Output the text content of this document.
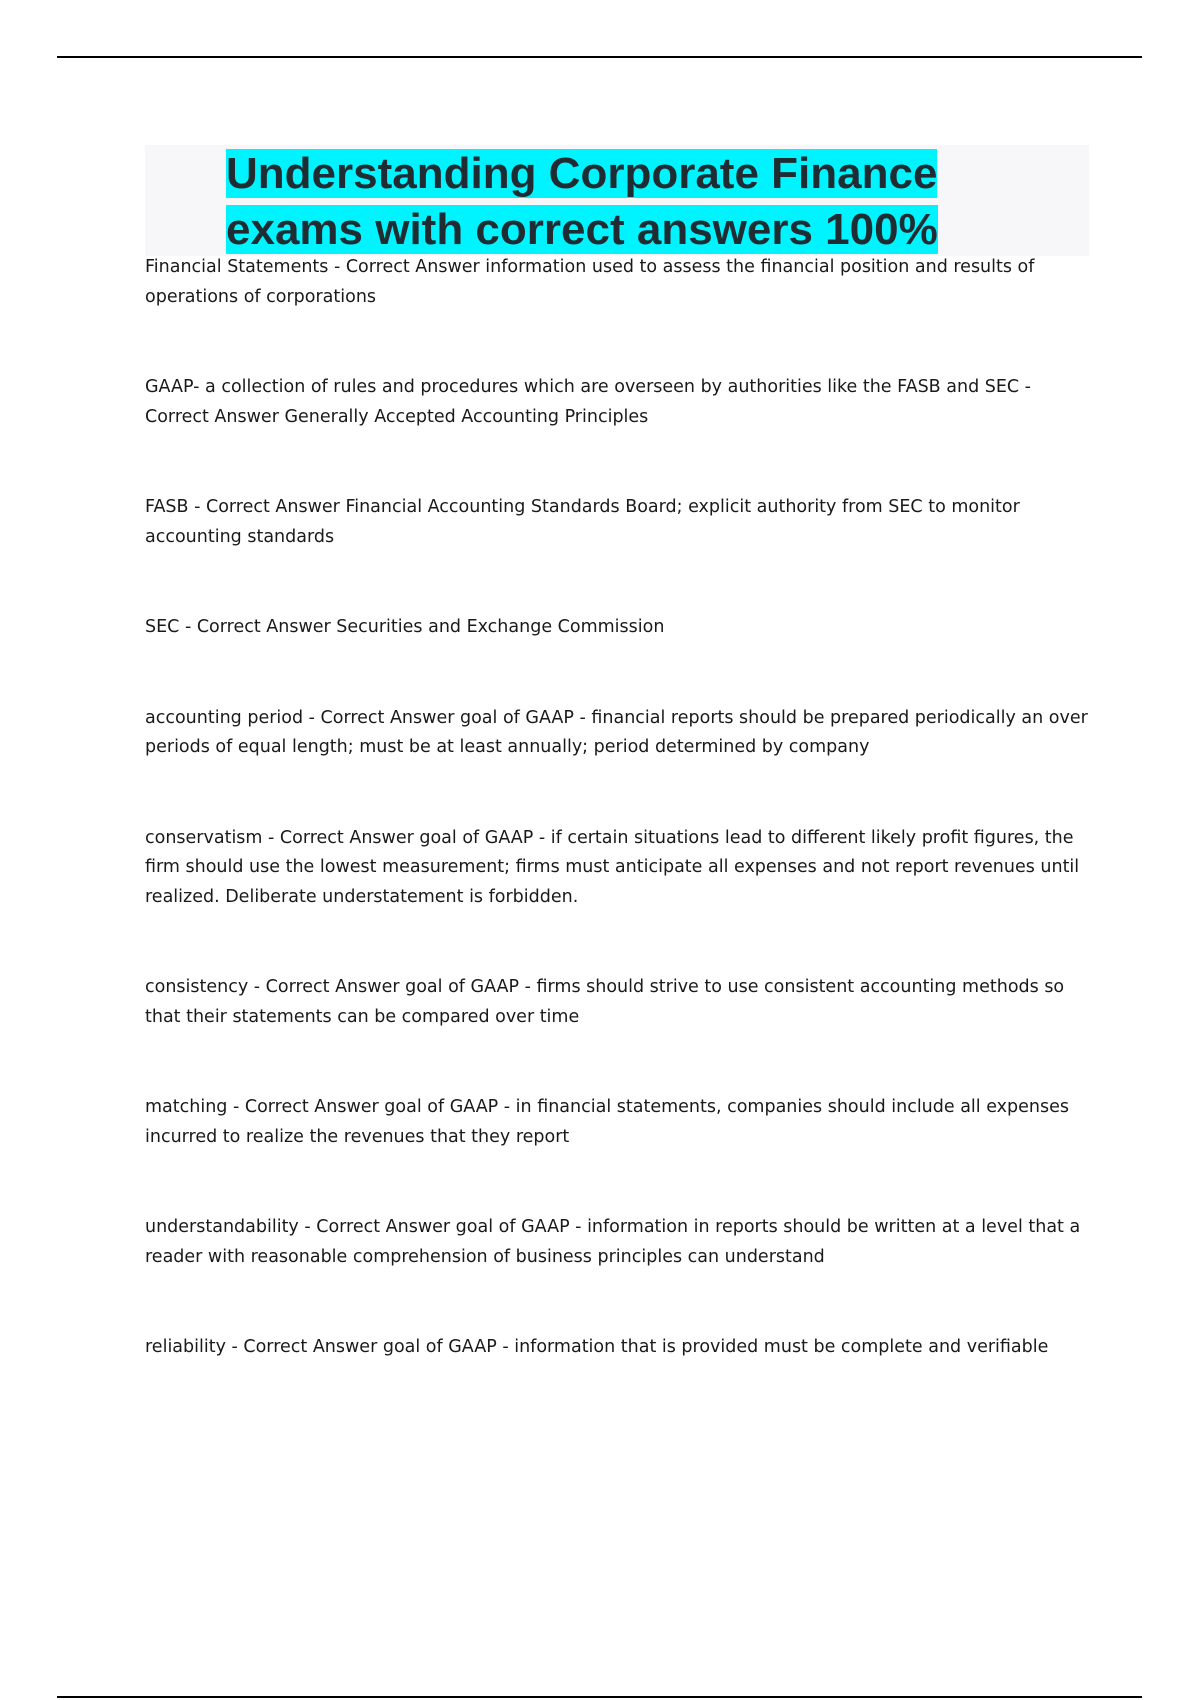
Understanding Corporate Finance
exams with correct answers 100%

Financial Statements - Correct Answer information used to assess the financial position and results of operations of corporations

GAAP- a collection of rules and procedures which are overseen by authorities like the FASB and SEC - Correct Answer Generally Accepted Accounting Principles

FASB - Correct Answer Financial Accounting Standards Board; explicit authority from SEC to monitor accounting standards

SEC - Correct Answer Securities and Exchange Commission

accounting period - Correct Answer goal of GAAP - financial reports should be prepared periodically an over periods of equal length; must be at least annually; period determined by company

conservatism - Correct Answer goal of GAAP - if certain situations lead to different likely profit figures, the firm should use the lowest measurement; firms must anticipate all expenses and not report revenues until realized. Deliberate understatement is forbidden.

consistency - Correct Answer goal of GAAP - firms should strive to use consistent accounting methods so that their statements can be compared over time

matching - Correct Answer goal of GAAP - in financial statements, companies should include all expenses incurred to realize the revenues that they report

understandability - Correct Answer goal of GAAP - information in reports should be written at a level that a reader with reasonable comprehension of business principles can understand

reliability - Correct Answer goal of GAAP - information that is provided must be complete and verifiable
